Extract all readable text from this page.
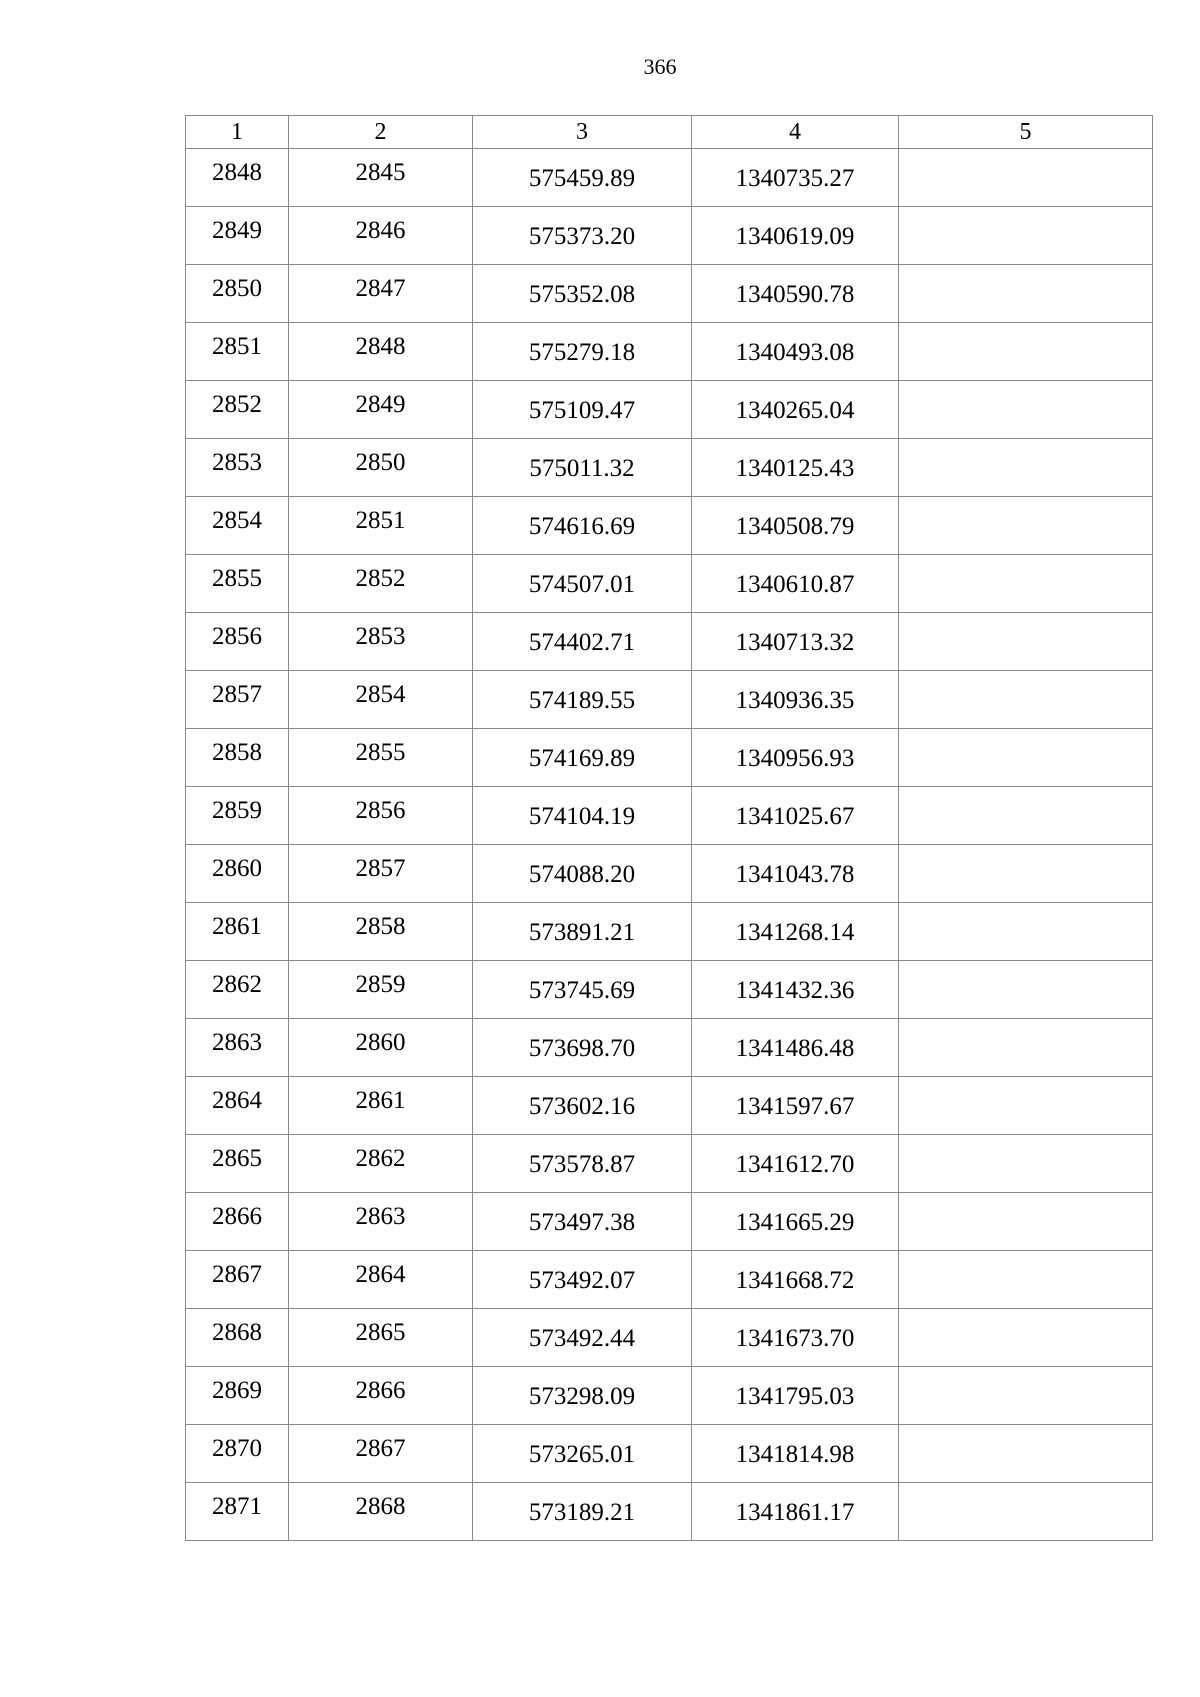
366
1	2	3	4	5
2848	2845	575459.89	1340735.27	
2849	2846	575373.20	1340619.09	
2850	2847	575352.08	1340590.78	
2851	2848	575279.18	1340493.08	
2852	2849	575109.47	1340265.04	
2853	2850	575011.32	1340125.43	
2854	2851	574616.69	1340508.79	
2855	2852	574507.01	1340610.87	
2856	2853	574402.71	1340713.32	
2857	2854	574189.55	1340936.35	
2858	2855	574169.89	1340956.93	
2859	2856	574104.19	1341025.67	
2860	2857	574088.20	1341043.78	
2861	2858	573891.21	1341268.14	
2862	2859	573745.69	1341432.36	
2863	2860	573698.70	1341486.48	
2864	2861	573602.16	1341597.67	
2865	2862	573578.87	1341612.70	
2866	2863	573497.38	1341665.29	
2867	2864	573492.07	1341668.72	
2868	2865	573492.44	1341673.70	
2869	2866	573298.09	1341795.03	
2870	2867	573265.01	1341814.98	
2871	2868	573189.21	1341861.17	
